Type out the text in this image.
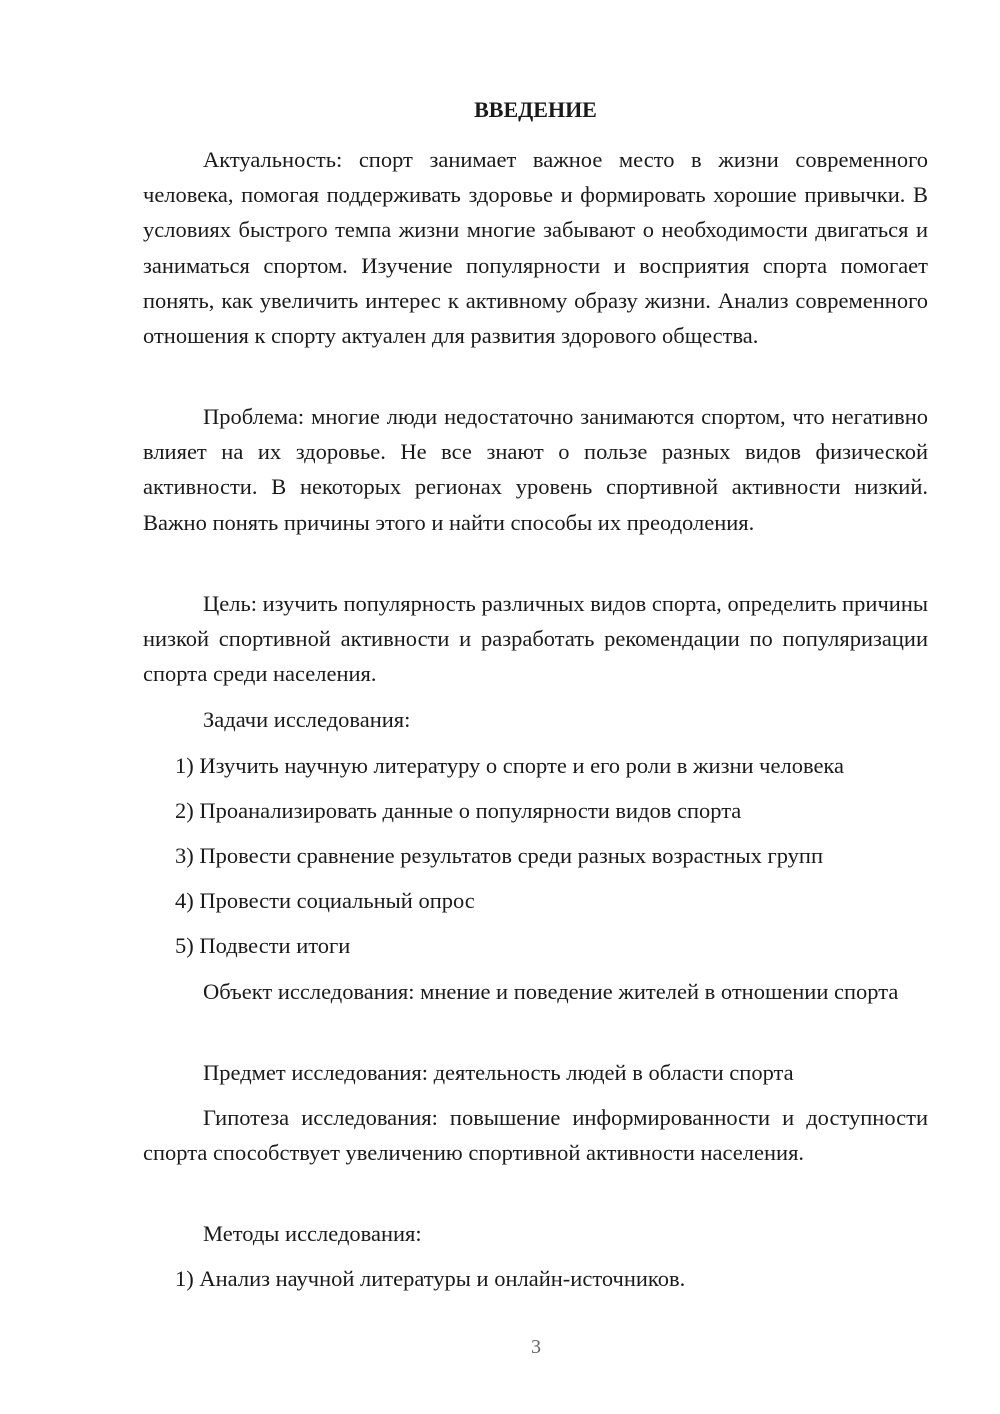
ВВЕДЕНИЕ

Актуальность: спорт занимает важное место в жизни современного человека, помогая поддерживать здоровье и формировать хорошие привычки. В условиях быстрого темпа жизни многие забывают о необходимости двигаться и заниматься спортом. Изучение популярности и восприятия спорта помогает понять, как увеличить интерес к активному образу жизни. Анализ современного отношения к спорту актуален для развития здорового общества.

Проблема: многие люди недостаточно занимаются спортом, что негативно влияет на их здоровье. Не все знают о пользе разных видов физической активности. В некоторых регионах уровень спортивной активности низкий. Важно понять причины этого и найти способы их преодоления.

Цель: изучить популярность различных видов спорта, определить причины низкой спортивной активности и разработать рекомендации по популяризации спорта среди населения.

Задачи исследования:

1) Изучить научную литературу о спорте и его роли в жизни человека

2) Проанализировать данные о популярности видов спорта

3) Провести сравнение результатов среди разных возрастных групп

4) Провести социальный опрос

5) Подвести итоги

Объект исследования: мнение и поведение жителей в отношении спорта

Предмет исследования: деятельность людей в области спорта

Гипотеза исследования: повышение информированности и доступности спорта способствует увеличению спортивной активности населения.

Методы исследования:

1) Анализ научной литературы и онлайн-источников.

3
